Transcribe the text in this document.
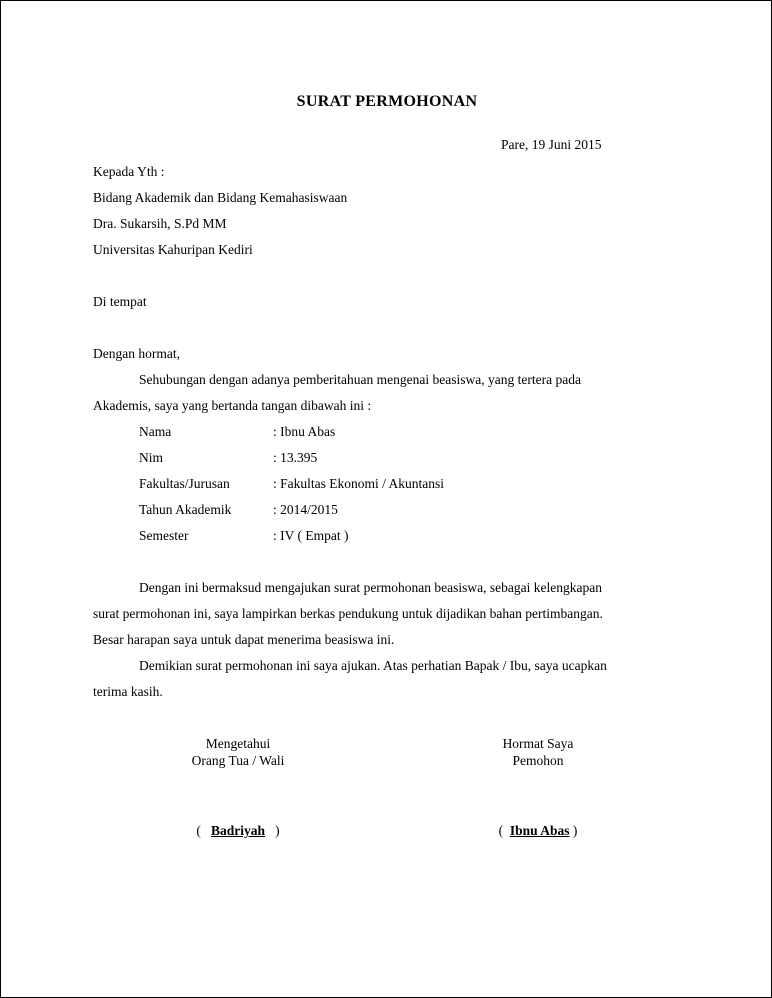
SURAT PERMOHONAN
Pare, 19 Juni 2015
Kepada Yth :
Bidang Akademik dan Bidang Kemahasiswaan
Dra. Sukarsih, S.Pd MM
Universitas Kahuripan Kediri
Di tempat
Dengan hormat,
Sehubungan dengan adanya pemberitahuan mengenai beasiswa, yang tertera pada
Akademis, saya yang bertanda tangan dibawah ini :
Nama	: Ibnu Abas
Nim	: 13.395
Fakultas/Jurusan	: Fakultas Ekonomi / Akuntansi
Tahun Akademik	: 2014/2015
Semester	: IV ( Empat )
Dengan ini bermaksud mengajukan surat permohonan beasiswa, sebagai kelengkapan
surat permohonan ini, saya lampirkan berkas pendukung untuk dijadikan bahan pertimbangan.
Besar harapan saya untuk dapat menerima beasiswa ini.
Demikian surat permohonan ini saya ajukan. Atas perhatian Bapak / Ibu, saya ucapkan
terima kasih.
Mengetahui
Orang Tua / Wali
( Badriyah )
Hormat Saya
Pemohon
( Ibnu Abas )
